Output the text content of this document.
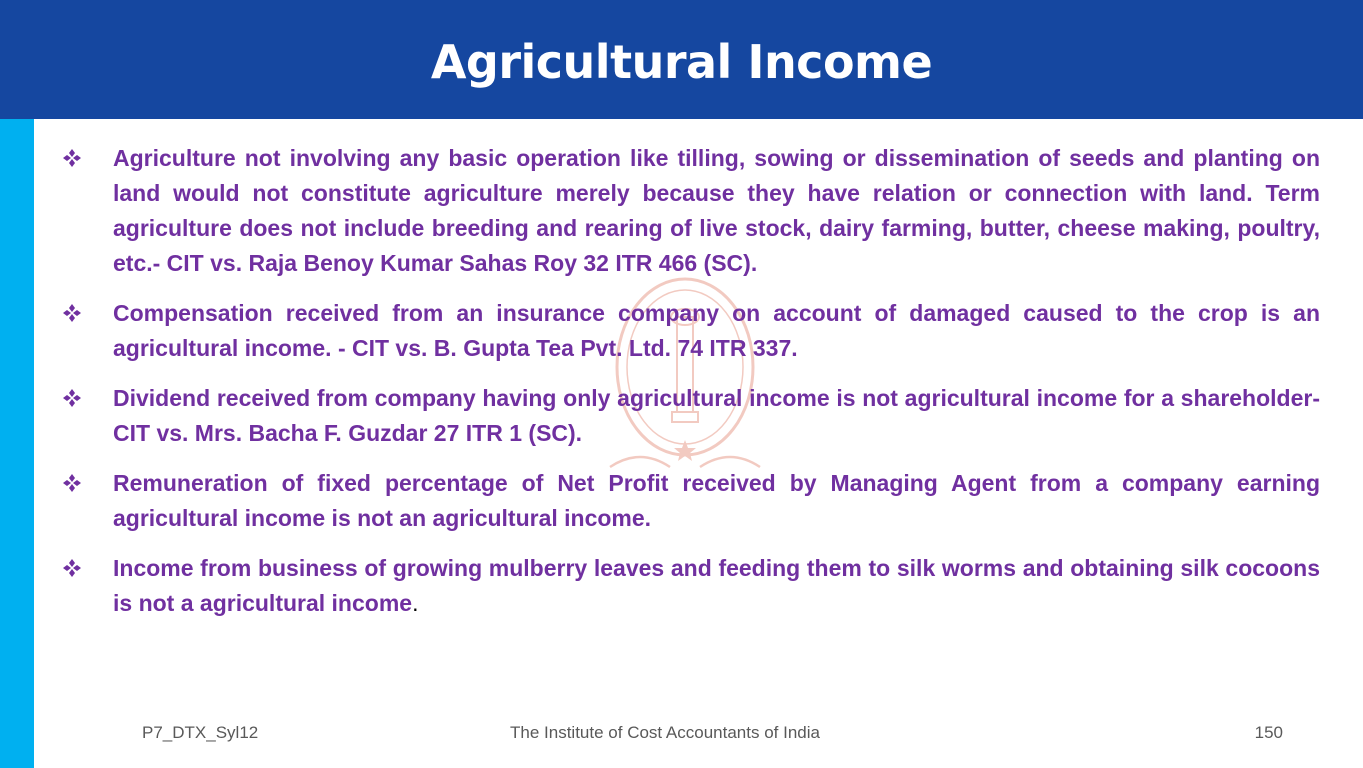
Agricultural Income
Agriculture not involving any basic operation like tilling, sowing or dissemination of seeds and planting on land would not constitute agriculture merely because they have relation or connection with land. Term agriculture does not include breeding and rearing of live stock, dairy farming, butter, cheese making, poultry, etc.- CIT vs. Raja Benoy Kumar Sahas Roy 32 ITR 466 (SC).
Compensation received from an insurance company on account of damaged caused to the crop is an agricultural income. - CIT vs. B. Gupta Tea Pvt. Ltd. 74 ITR 337.
Dividend received from company having only agricultural income is not agricultural income for a shareholder-CIT vs. Mrs. Bacha F. Guzdar 27 ITR 1 (SC).
Remuneration of fixed percentage of Net Profit received by Managing Agent from a company earning agricultural income is not an agricultural income.
Income from business of growing mulberry leaves and feeding them to silk worms and obtaining silk cocoons is not a agricultural income.
P7_DTX_Syl12	The Institute of Cost Accountants of India	150
